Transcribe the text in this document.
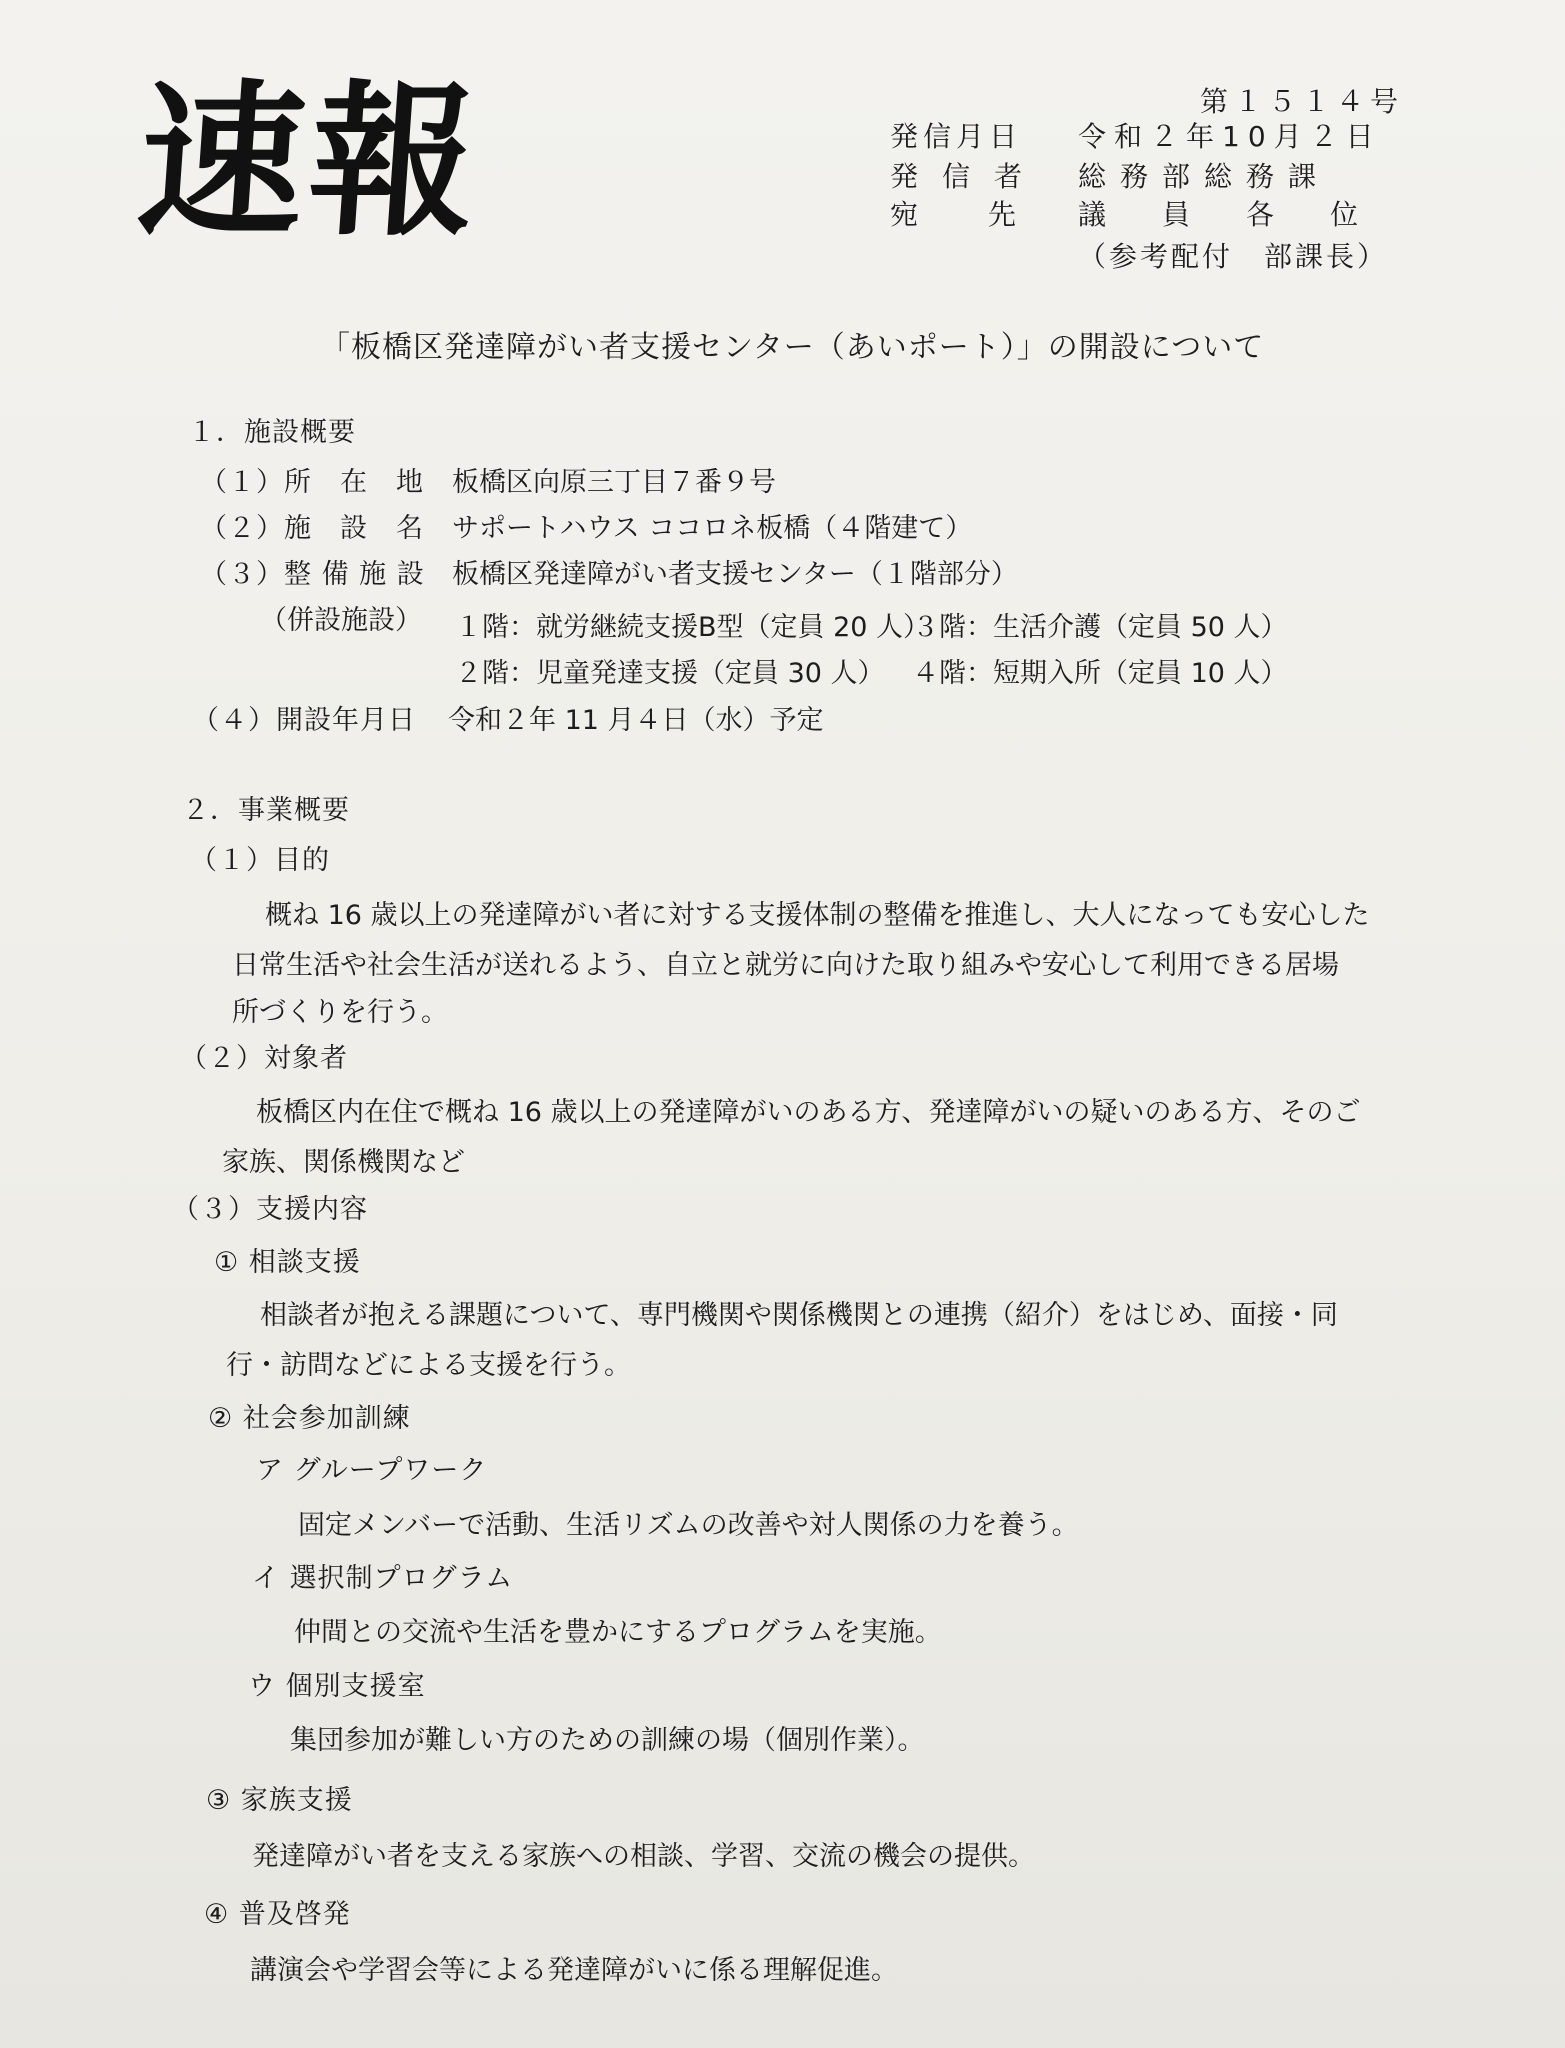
速報	第１５１４号
発信月日 令和２年10月２日
発信者 総務部総務課
宛先
議員各位
（参考配付　部課長）
「板橋区発達障がい者支援センター（あいポート）」の開設について
１．施設概要
（１）所　在　地 板橋区向原三丁目７番９号
（２）施　設　名 サポートハウス ココロネ板橋（４階建て）
（３）整 備 施 設 板橋区発達障がい者支援センター（１階部分）
（併設施設） １階：就労継続支援B型（定員 20 人）
３階：生活介護（定員 50 人）
２階：児童発達支援（定員 30 人） ４階：短期入所（定員 10 人）
（４）開設年月日 令和２年 11 月４日（水）予定
２．事業概要
（１）目的
概ね 16 歳以上の発達障がい者に対する支援体制の整備を推進し、大人になっても安心した
日常生活や社会生活が送れるよう、自立と就労に向けた取り組みや安心して利用できる居場
所づくりを行う。
（２）対象者
板橋区内在住で概ね 16 歳以上の発達障がいのある方、発達障がいの疑いのある方、そのご
家族、関係機関など
（３）支援内容
① 相談支援
相談者が抱える課題について、専門機関や関係機関との連携（紹介）をはじめ、面接・同
行・訪問などによる支援を行う。
② 社会参加訓練
ア グループワーク
固定メンバーで活動、生活リズムの改善や対人関係の力を養う。
イ 選択制プログラム
仲間との交流や生活を豊かにするプログラムを実施。
ウ 個別支援室
集団参加が難しい方のための訓練の場（個別作業）。
③ 家族支援
発達障がい者を支える家族への相談、学習、交流の機会の提供。
④ 普及啓発
講演会や学習会等による発達障がいに係る理解促進。
